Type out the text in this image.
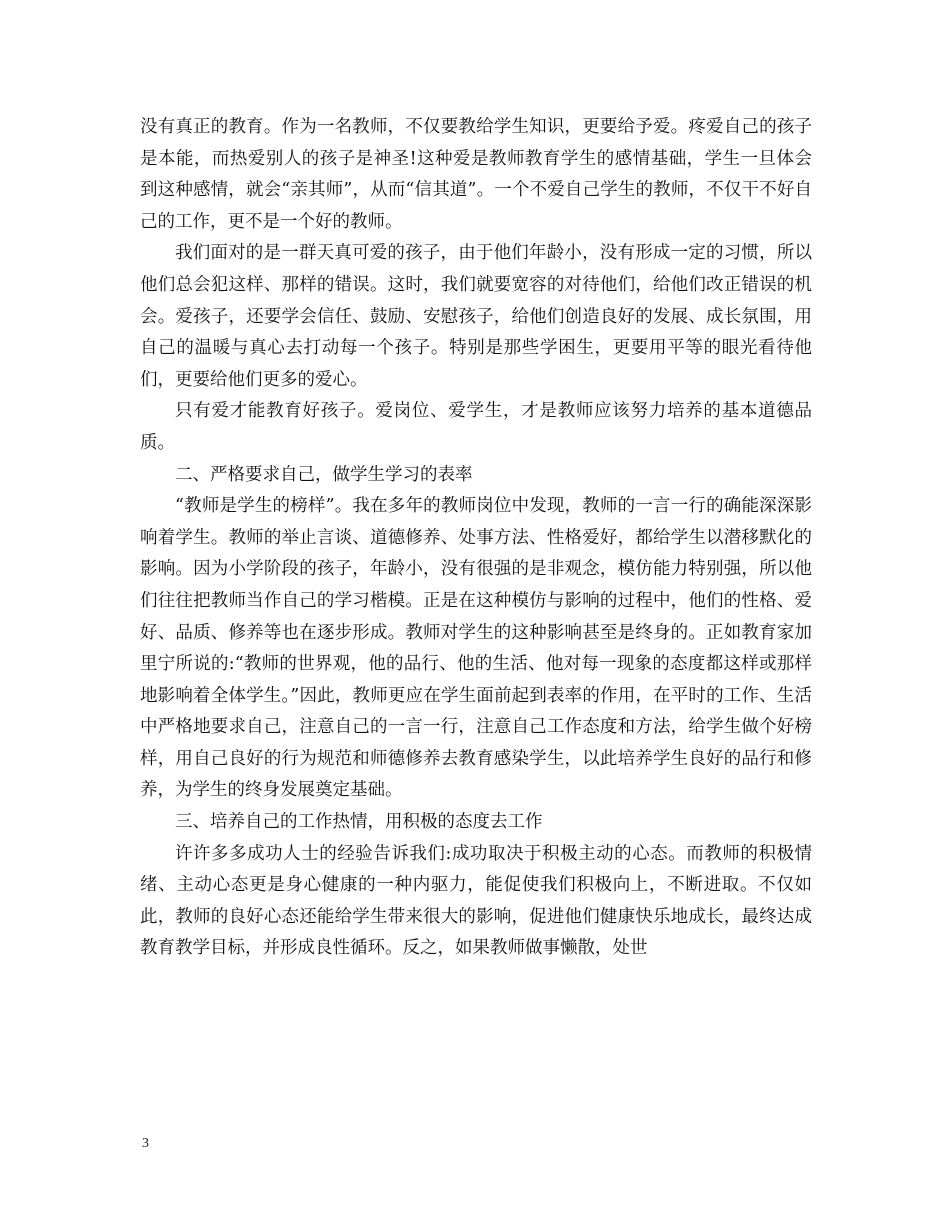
没有真正的教育。作为一名教师，不仅要教给学生知识，更要给予爱。疼爱自己的孩子是本能，而热爱别人的孩子是神圣!这种爱是教师教育学生的感情基础，学生一旦体会到这种感情，就会“亲其师”，从而“信其道”。一个不爱自己学生的教师，不仅干不好自己的工作，更不是一个好的教师。

我们面对的是一群天真可爱的孩子，由于他们年龄小，没有形成一定的习惯，所以他们总会犯这样、那样的错误。这时，我们就要宽容的对待他们，给他们改正错误的机会。爱孩子，还要学会信任、鼓励、安慰孩子，给他们创造良好的发展、成长氛围，用自己的温暖与真心去打动每一个孩子。特别是那些学困生，更要用平等的眼光看待他们，更要给他们更多的爱心。

只有爱才能教育好孩子。爱岗位、爱学生，才是教师应该努力培养的基本道德品质。

二、严格要求自己，做学生学习的表率

“教师是学生的榜样”。我在多年的教师岗位中发现，教师的一言一行的确能深深影响着学生。教师的举止言谈、道德修养、处事方法、性格爱好，都给学生以潜移默化的影响。因为小学阶段的孩子，年龄小，没有很强的是非观念，模仿能力特别强，所以他们往往把教师当作自己的学习楷模。正是在这种模仿与影响的过程中，他们的性格、爱好、品质、修养等也在逐步形成。教师对学生的这种影响甚至是终身的。正如教育家加里宁所说的:“教师的世界观，他的品行、他的生活、他对每一现象的态度都这样或那样地影响着全体学生。”因此，教师更应在学生面前起到表率的作用，在平时的工作、生活中严格地要求自己，注意自己的一言一行，注意自己工作态度和方法，给学生做个好榜样，用自己良好的行为规范和师德修养去教育感染学生，以此培养学生良好的品行和修养，为学生的终身发展奠定基础。

三、培养自己的工作热情，用积极的态度去工作

许许多多成功人士的经验告诉我们:成功取决于积极主动的心态。而教师的积极情绪、主动心态更是身心健康的一种内驱力，能促使我们积极向上，不断进取。不仅如此，教师的良好心态还能给学生带来很大的影响，促进他们健康快乐地成长，最终达成教育教学目标，并形成良性循环。反之，如果教师做事懒散，处世

3
